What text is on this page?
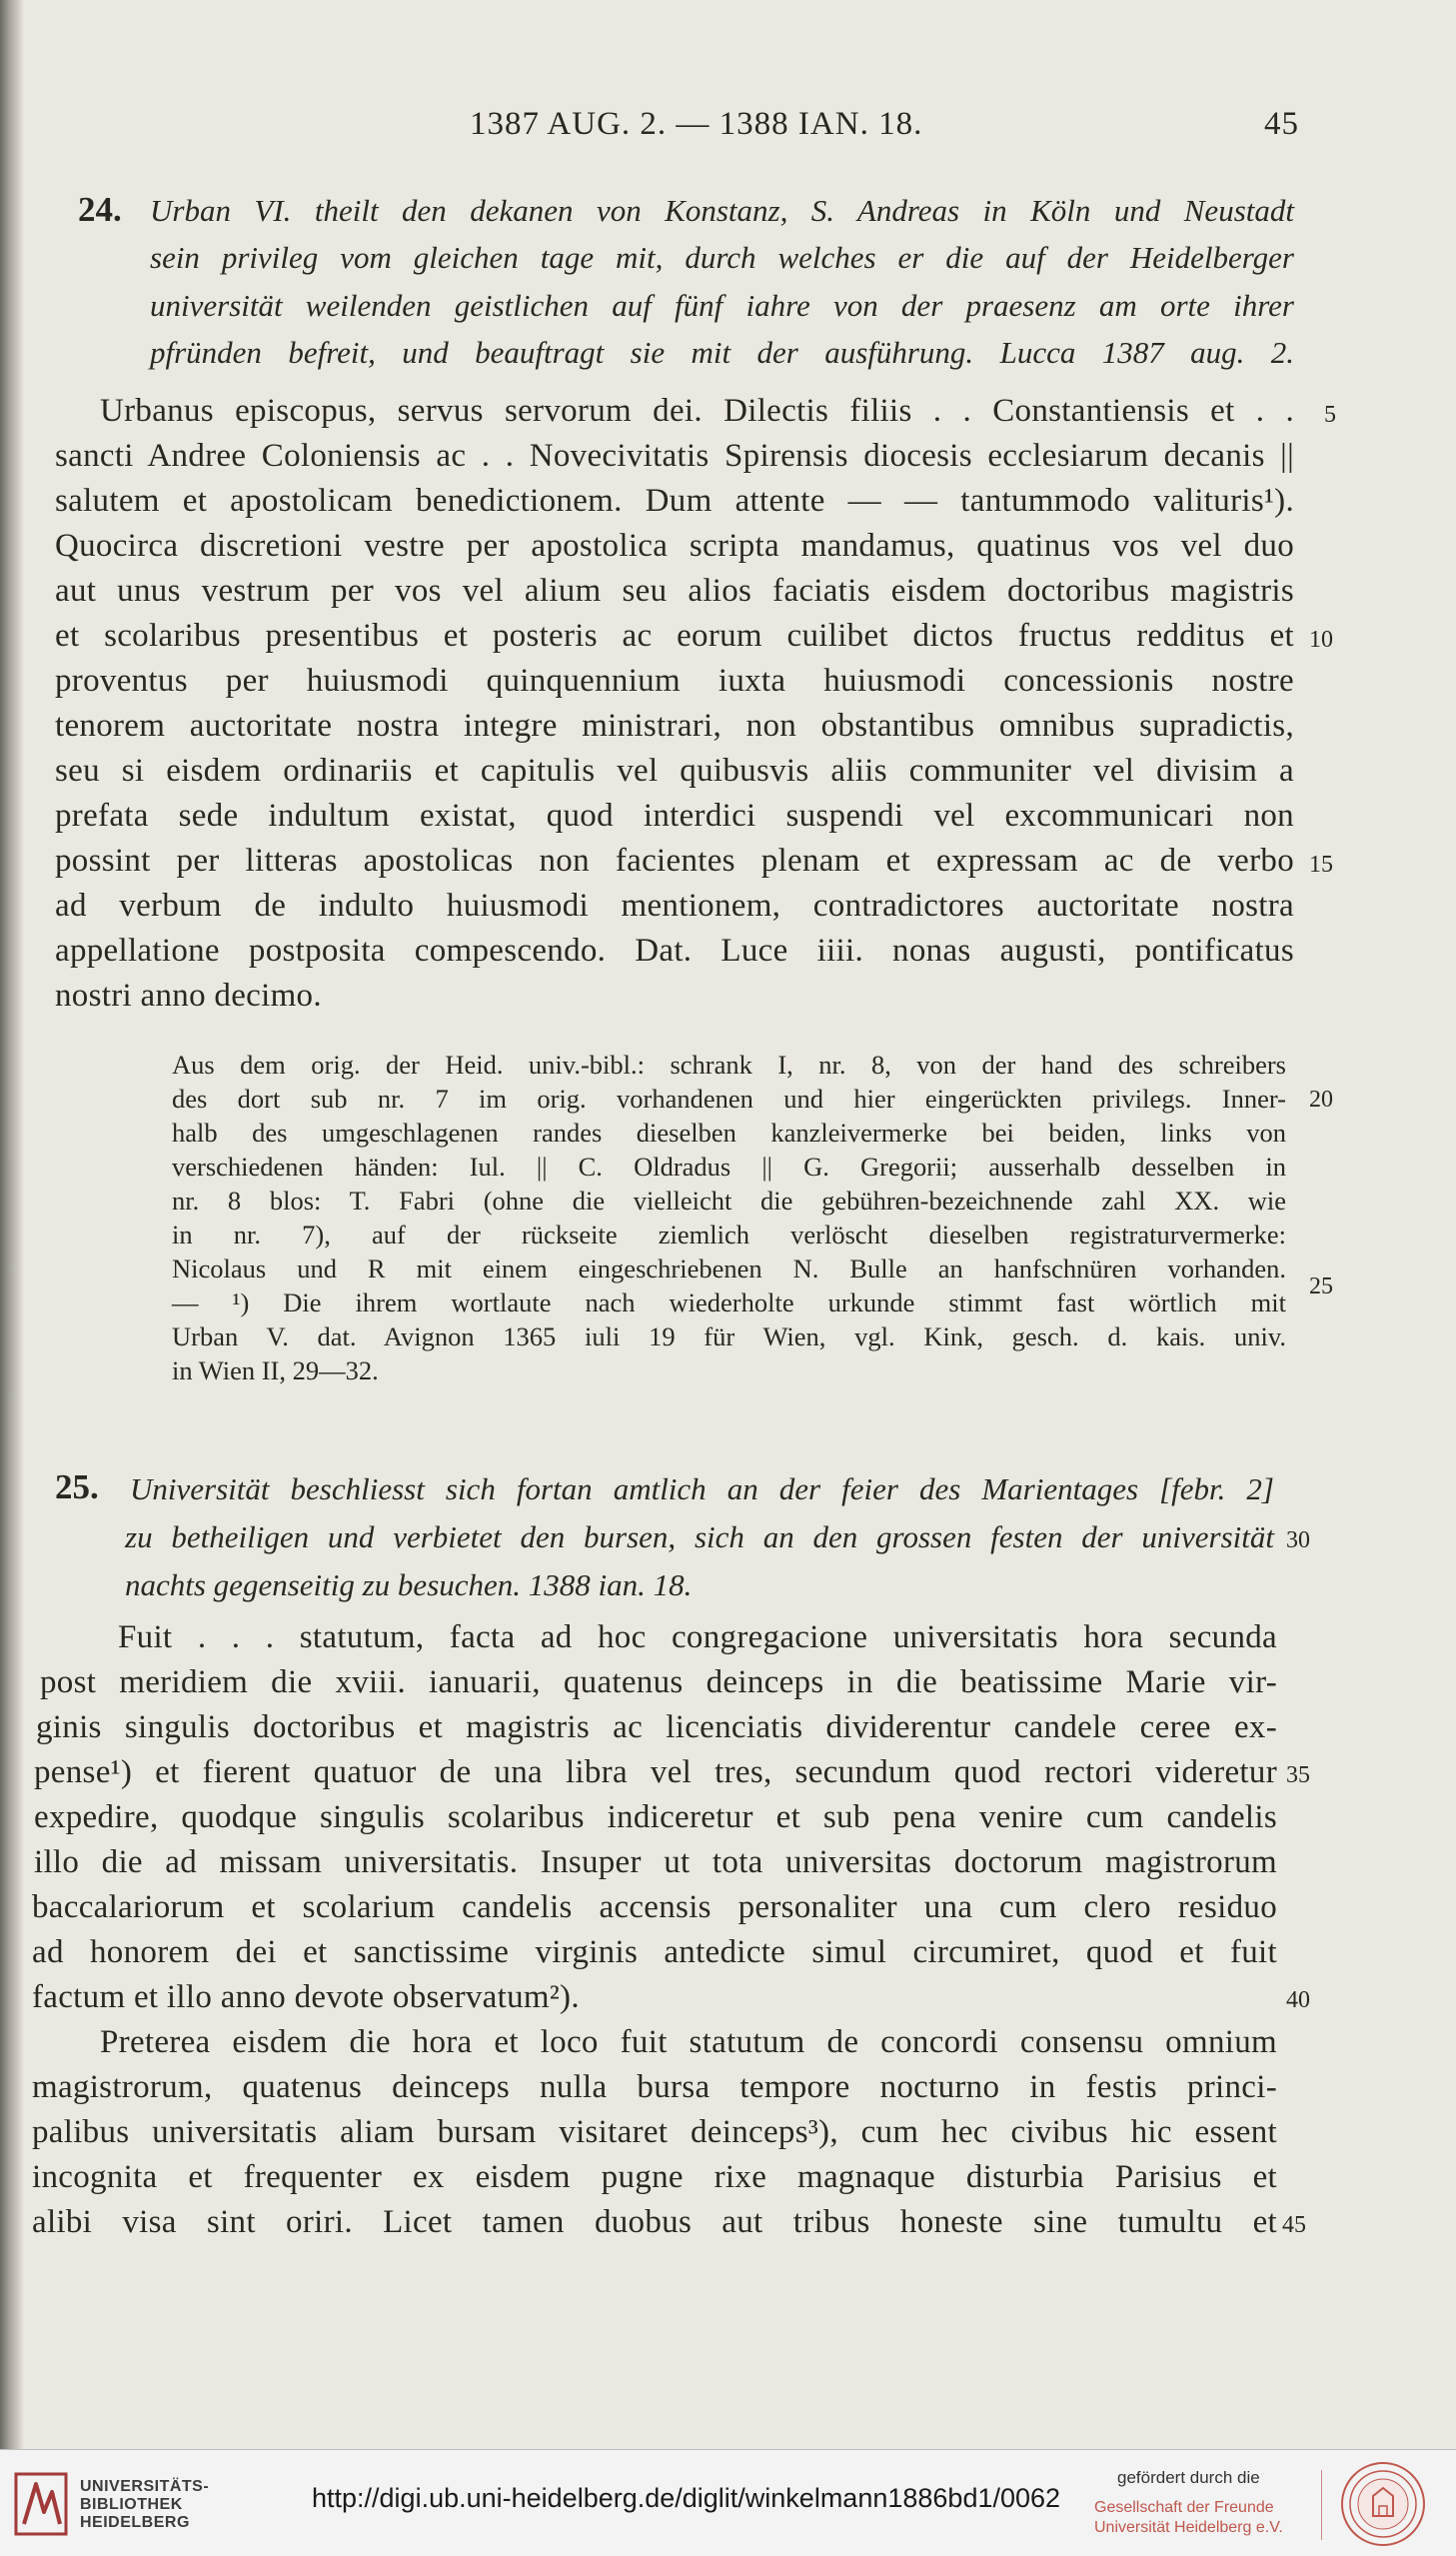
1387 AUG. 2. — 1388 IAN. 18.	45
24. Urban VI. theilt den dekanen von Konstanz, S. Andreas in Köln und Neustadt
sein privileg vom gleichen tage mit, durch welches er die auf der Heidelberger
universität weilenden geistlichen auf fünf iahre von der praesenz am orte ihrer
pfründen befreit, und beauftragt sie mit der ausführung. Lucca 1387 aug. 2.
Urbanus episcopus, servus servorum dei. Dilectis filiis . . Constantiensis et . .
sancti Andree Coloniensis ac . . Novecivitatis Spirensis diocesis ecclesiarum decanis ||
salutem et apostolicam benedictionem. Dum attente — — tantummodo valituris¹).
Quocirca discretioni vestre per apostolica scripta mandamus, quatinus vos vel duo
aut unus vestrum per vos vel alium seu alios faciatis eisdem doctoribus magistris
et scolaribus presentibus et posteris ac eorum cuilibet dictos fructus redditus et
proventus per huiusmodi quinquennium iuxta huiusmodi concessionis nostre
tenorem auctoritate nostra integre ministrari, non obstantibus omnibus supradictis,
seu si eisdem ordinariis et capitulis vel quibusvis aliis communiter vel divisim a
prefata sede indultum existat, quod interdici suspendi vel excommunicari non
possint per litteras apostolicas non facientes plenam et expressam ac de verbo
ad verbum de indulto huiusmodi mentionem, contradictores auctoritate nostra
appellatione postposita compescendo. Dat. Luce iiii. nonas augusti, pontificatus
nostri anno decimo.
Aus dem orig. der Heid. univ.-bibl.: schrank I, nr. 8, von der hand des schreibers
des dort sub nr. 7 im orig. vorhandenen und hier eingerückten privilegs. Inner-
halb des umgeschlagenen randes dieselben kanzleivermerke bei beiden, links von
verschiedenen händen: Iul. || C. Oldradus || G. Gregorii; ausserhalb desselben in
nr. 8 blos: T. Fabri (ohne die vielleicht die gebühren-bezeichnende zahl XX. wie
in nr. 7), auf der rückseite ziemlich verlöscht dieselben registraturvermerke:
Nicolaus und R mit einem eingeschriebenen N. Bulle an hanfschnüren vorhanden.
— ¹) Die ihrem wortlaute nach wiederholte urkunde stimmt fast wörtlich mit
Urban V. dat. Avignon 1365 iuli 19 für Wien, vgl. Kink, gesch. d. kais. univ.
in Wien II, 29—32.
25. Universität beschliesst sich fortan amtlich an der feier des Marientages [febr. 2]
zu betheiligen und verbietet den bursen, sich an den grossen festen der universität
nachts gegenseitig zu besuchen. 1388 ian. 18.
Fuit . . . statutum, facta ad hoc congregacione universitatis hora secunda
post meridiem die xviii. ianuarii, quatenus deinceps in die beatissime Marie vir-
ginis singulis doctoribus et magistris ac licenciatis dividerentur candele ceree ex-
pense¹) et fierent quatuor de una libra vel tres, secundum quod rectori videretur
expedire, quodque singulis scolaribus indiceretur et sub pena venire cum candelis
illo die ad missam universitatis. Insuper ut tota universitas doctorum magistrorum
baccalariorum et scolarium candelis accensis personaliter una cum clero residuo
ad honorem dei et sanctissime virginis antedicte simul circumiret, quod et fuit
factum et illo anno devote observatum²).
Preterea eisdem die hora et loco fuit statutum de concordi consensu omnium
magistrorum, quatenus deinceps nulla bursa tempore nocturno in festis princi-
palibus universitatis aliam bursam visitaret deinceps³), cum hec civibus hic essent
incognita et frequenter ex eisdem pugne rixe magnaque disturbia Parisius et
alibi visa sint oriri. Licet tamen duobus aut tribus honeste sine tumultu et
5
10
15
20
25
30
35
40
45
UNIVERSITÄTS-
BIBLIOTHEK
HEIDELBERG
http://digi.ub.uni-heidelberg.de/diglit/winkelmann1886bd1/0062
gefördert durch die
Gesellschaft der Freunde
Universität Heidelberg e.V.
